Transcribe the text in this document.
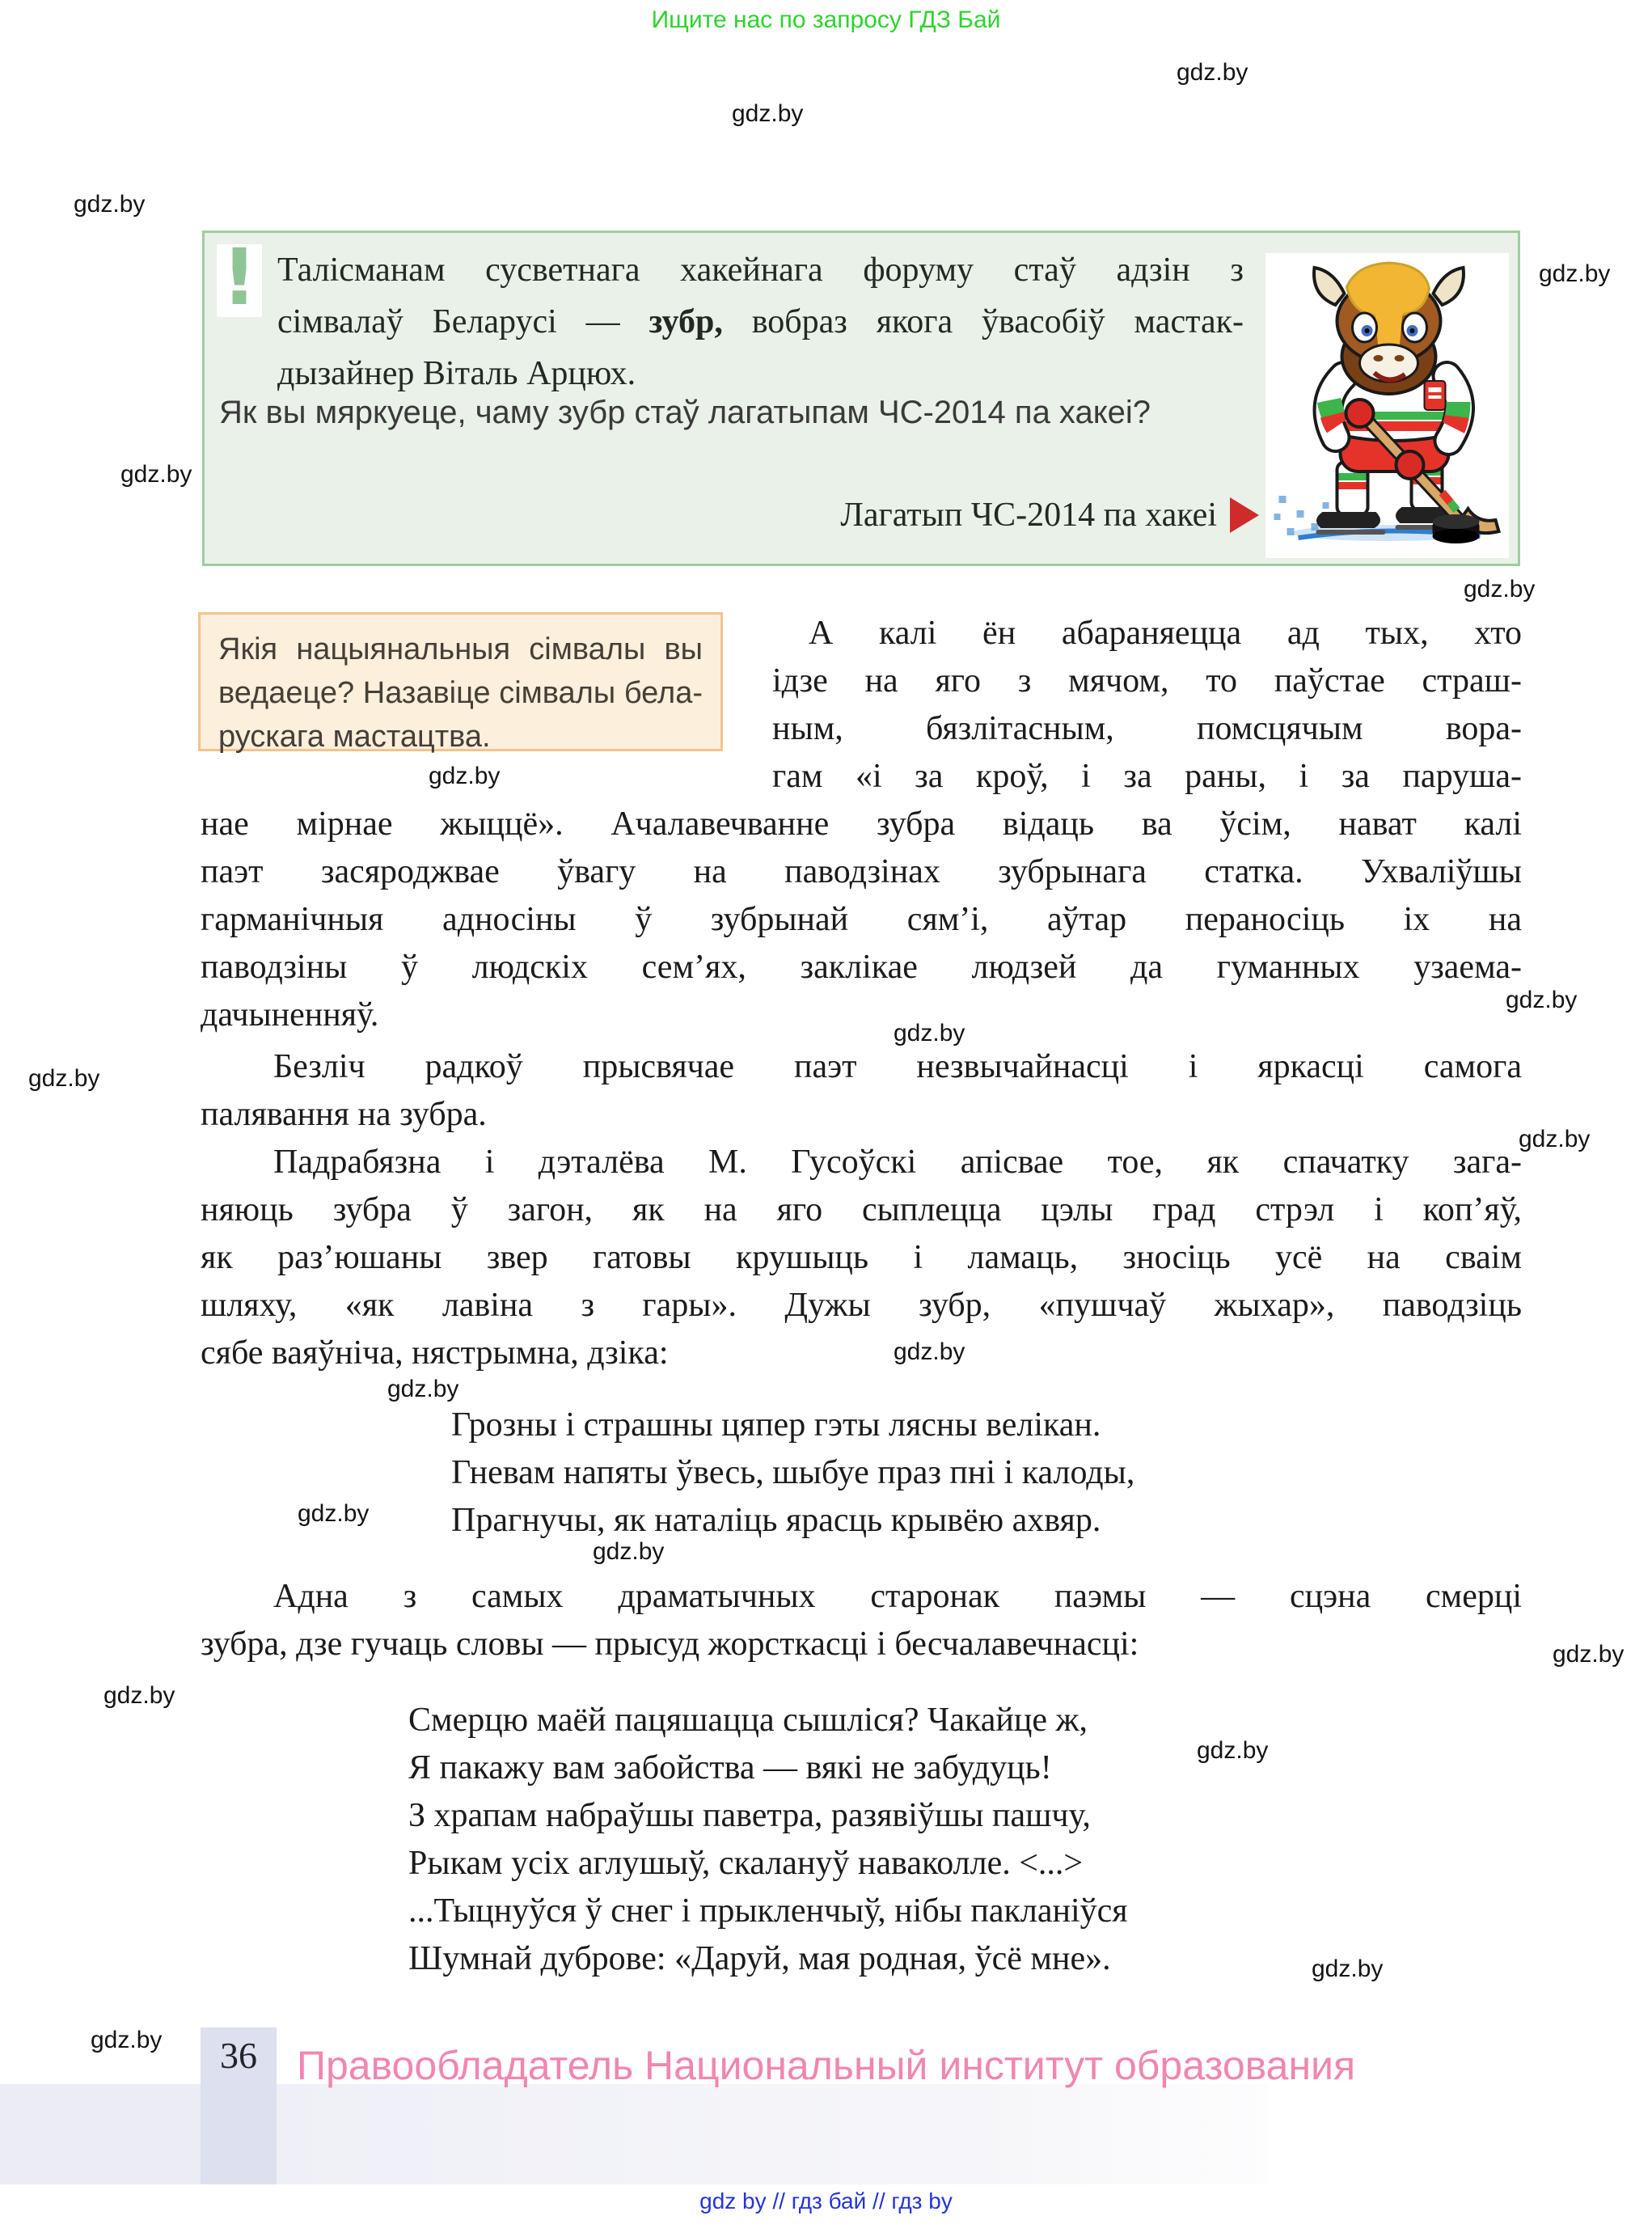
Ищите нас по запросу ГДЗ Бай
gdz.by
gdz.by
gdz.by
gdz.by
gdz.by
gdz.by
gdz.by
gdz.by
gdz.by
gdz.by
gdz.by
gdz.by
gdz.by
gdz.by
gdz.by
gdz.by
gdz.by
gdz.by
gdz.by
gdz.by
! Талісманам сусветнага хакейнага форуму стаў адзін з
сімвалаў Беларусі — зубр, вобраз якога ўвасобіў мастак-
дызайнер Віталь Арцюх.
Як вы мяркуеце, чаму зубр стаў лагатыпам ЧС-2014 па хакеі?
Лагатып ЧС-2014 па хакеі
Якія нацыянальныя сімвалы вы
ведаеце? Назавіце сімвалы бела-
рускага мастацтва.
А калі ён абараняецца ад тых, хто
ідзе на яго з мячом, то паўстае страш-
ным, бязлітасным, помсцячым вора-
гам «і за кроў, і за раны, і за паруша-
нае мірнае жыццё». Ачалавечванне зубра відаць ва ўсім, нават калі
паэт засяроджвае ўвагу на паводзінах зубрынага статка. Ухваліўшы
гарманічныя адносіны ў зубрынай сям’і, аўтар пераносіць іх на
паводзіны ў людскіх сем’ях, заклікае людзей да гуманных узаема-
дачыненняў.
Безліч радкоў прысвячае паэт незвычайнасці і яркасці самога
палявання на зубра.
Падрабязна і дэталёва М. Гусоўскі апісвае тое, як спачатку зага-
няюць зубра ў загон, як на яго сыплецца цэлы град стрэл і коп’яў,
як раз’юшаны звер гатовы крушыць і ламаць, зносіць усё на сваім
шляху, «як лавіна з гары». Дужы зубр, «пушчаў жыхар», паводзіць
сябе ваяўніча, нястрымна, дзіка:
Грозны і страшны цяпер гэты лясны велікан.
Гневам напяты ўвесь, шыбуе праз пні і калоды,
Прагнучы, як наталіць ярасць крывёю ахвяр.
Адна з самых драматычных старонак паэмы — сцэна смерці
зубра, дзе гучаць словы — прысуд жорсткасці і бесчалавечнасці:
Смерцю маёй пацяшацца сышліся? Чакайце ж,
Я пакажу вам забойства — вякі не забудуць!
З храпам набраўшы паветра, разявіўшы пашчу,
Рыкам усіх аглушыў, скалануў наваколле. <...>
...Тыцнуўся ў снег і прыкленчыў, нібы пакланіўся
Шумнай дуброве: «Даруй, мая родная, ўсё мне».
36 Правообладатель Национальный институт образования
gdz by // гдз бай // гдз by
